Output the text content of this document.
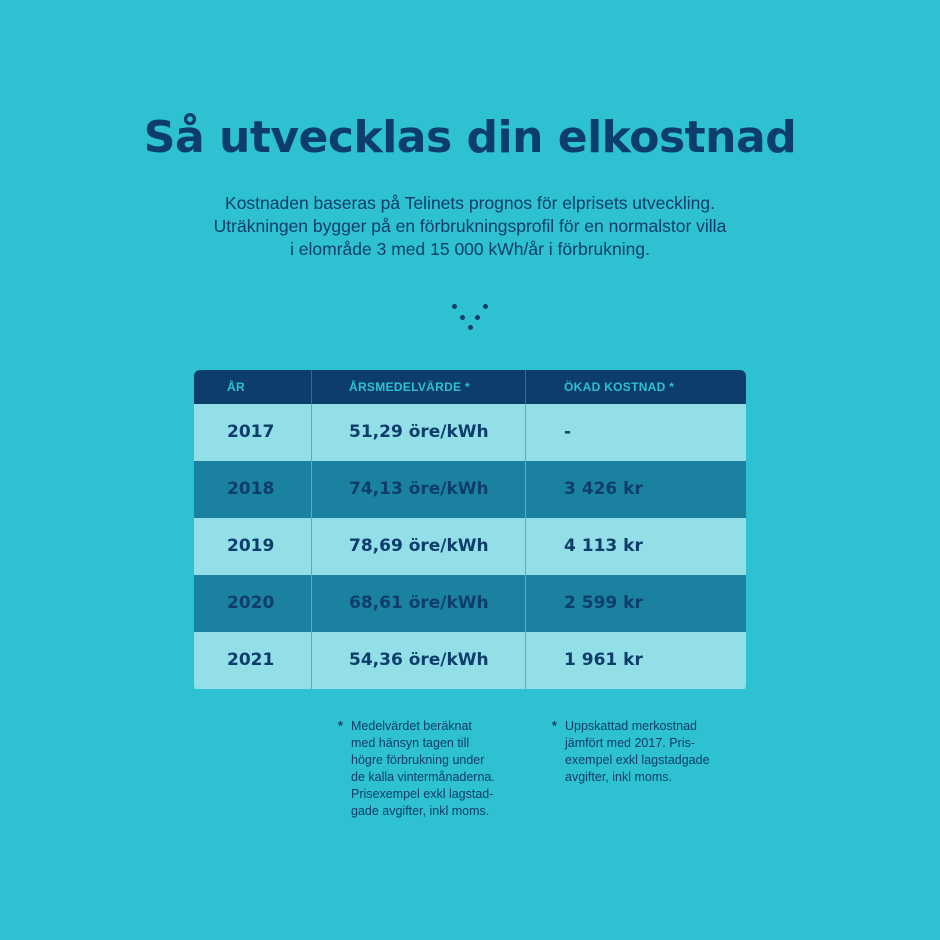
Så utvecklas din elkostnad
Kostnaden baseras på Telinets prognos för elprisets utveckling.
Uträkningen bygger på en förbrukningsprofil för en normalstor villa
i elområde 3 med 15 000 kWh/år i förbrukning.
ÅR	ÅRSMEDELVÄRDE *	ÖKAD KOSTNAD *
2017	51,29 öre/kWh	-
2018	74,13 öre/kWh	3 426 kr
2019	78,69 öre/kWh	4 113 kr
2020	68,61 öre/kWh	2 599 kr
2021	54,36 öre/kWh	1 961 kr
* Medelvärdet beräknat
med hänsyn tagen till
högre förbrukning under
de kalla vintermånaderna.
Prisexempel exkl lagstad-
gade avgifter, inkl moms.
* Uppskattad merkostnad
jämfört med 2017. Pris-
exempel exkl lagstadgade
avgifter, inkl moms.
